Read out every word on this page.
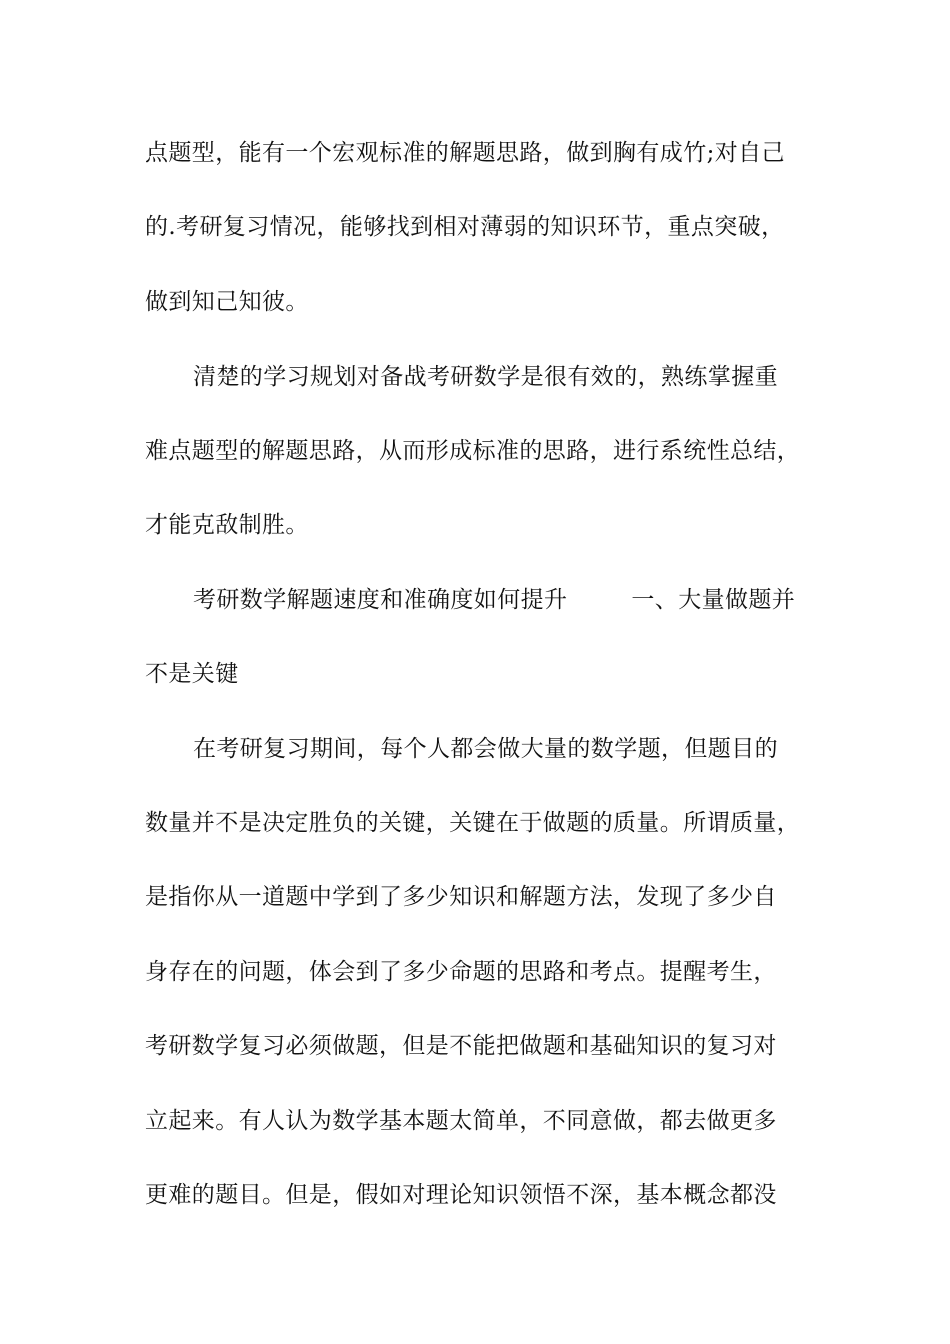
点题型，能有一个宏观标准的解题思路，做到胸有成竹;对自己
的.考研复习情况，能够找到相对薄弱的知识环节，重点突破，
做到知己知彼。
清楚的学习规划对备战考研数学是很有效的，熟练掌握重
难点题型的解题思路，从而形成标准的思路，进行系统性总结，
才能克敌制胜。
考研数学解题速度和准确度如何提升	一、大量做题并
不是关键
在考研复习期间，每个人都会做大量的数学题，但题目的
数量并不是决定胜负的关键，关键在于做题的质量。所谓质量，
是指你从一道题中学到了多少知识和解题方法，发现了多少自
身存在的问题，体会到了多少命题的思路和考点。提醒考生，
考研数学复习必须做题，但是不能把做题和基础知识的复习对
立起来。有人认为数学基本题太简单，不同意做，都去做更多
更难的题目。但是，假如对理论知识领悟不深，基本概念都没
